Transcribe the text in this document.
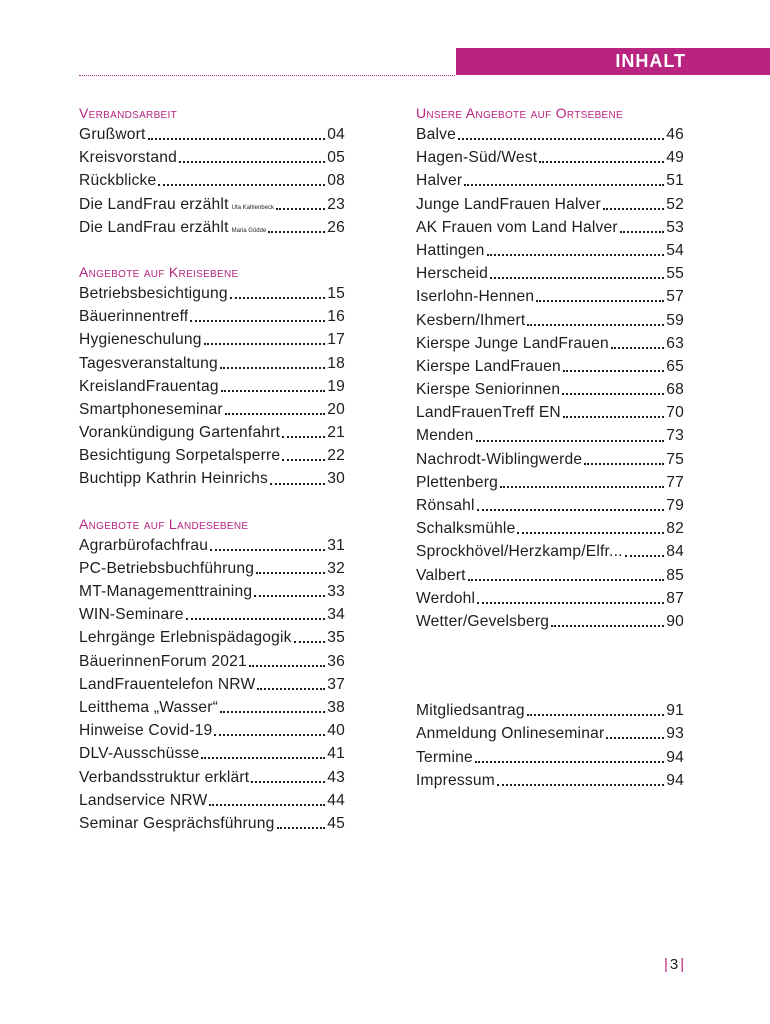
INHALT
Verbandsarbeit
Grußwort	04
Kreisvorstand	05
Rückblicke	08
Die LandFrau erzählt Uta Kahlenbeck	23
Die LandFrau erzählt Maria Gödde	26
Angebote auf Kreisebene
Betriebsbesichtigung	15
Bäuerinnentreff	16
Hygieneschulung	17
Tagesveranstaltung	18
KreislandFrauentag	19
Smartphoneseminar	20
Vorankündigung Gartenfahrt	21
Besichtigung Sorpetalsperre	22
Buchtipp Kathrin Heinrichs	30
Angebote auf Landesebene
Agrarbürofachfrau	31
PC-Betriebsbuchführung	32
MT-Managementtraining	33
WIN-Seminare	34
Lehrgänge Erlebnispädagogik 35
BäuerinnenForum 2021	36
LandFrauentelefon NRW	37
Leitthema „Wasser“	38
Hinweise Covid-19	40
DLV-Ausschüsse	41
Verbandsstruktur erklärt	43
Landservice NRW	44
Seminar Gesprächsführung	45
Unsere Angebote auf Ortsebene
Balve	46
Hagen-Süd/West	49
Halver	51
Junge LandFrauen Halver	52
AK Frauen vom Land Halver	53
Hattingen	54
Herscheid	55
Iserlohn-Hennen	57
Kesbern/Ihmert	59
Kierspe Junge LandFrauen	63
Kierspe LandFrauen	65
Kierspe Seniorinnen	68
LandFrauenTreff EN	70
Menden	73
Nachrodt-Wiblingwerde	75
Plettenberg	77
Rönsahl	79
Schalksmühle	82
Sprockhövel/Herzkamp/Elfr...	84
Valbert	85
Werdohl	87
Wetter/Gevelsberg	90
Mitgliedsantrag	91
Anmeldung Onlineseminar	93
Termine	94
Impressum	94
| 3 |
